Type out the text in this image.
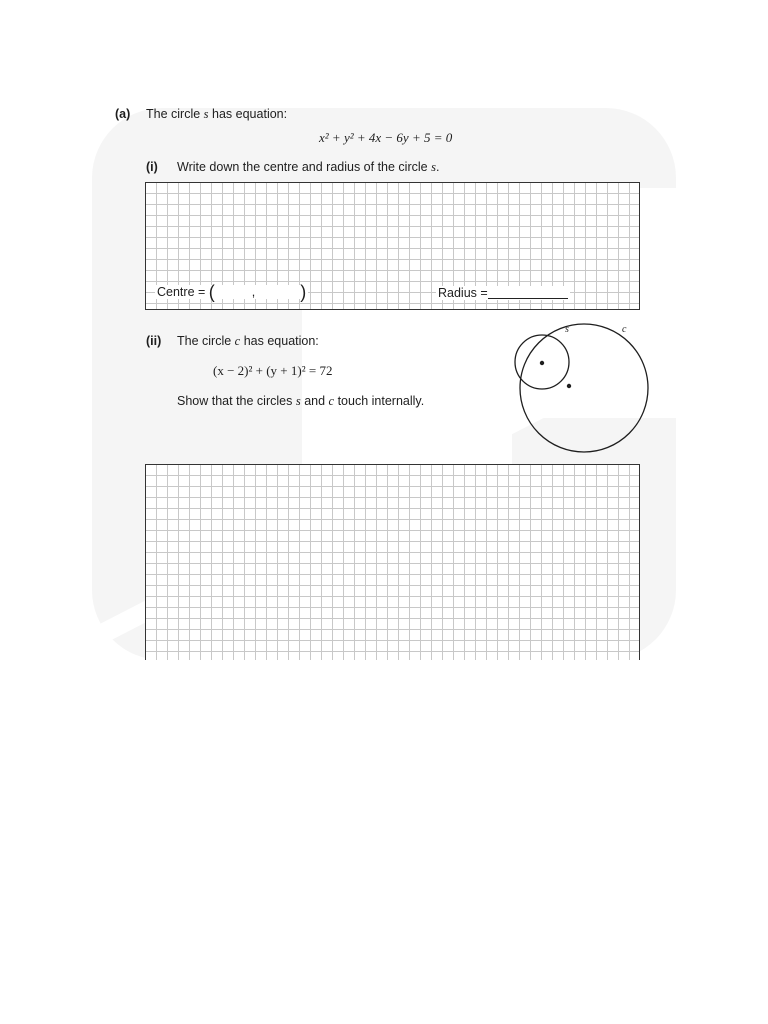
(a) The circle s has equation:
x² + y² + 4x − 6y + 5 = 0
(i) Write down the centre and radius of the circle s.
Centre = (	, )	Radius =
(ii) The circle c has equation:
(x − 2)² + (y + 1)² = 72
Show that the circles s and c touch internally.
s	c
